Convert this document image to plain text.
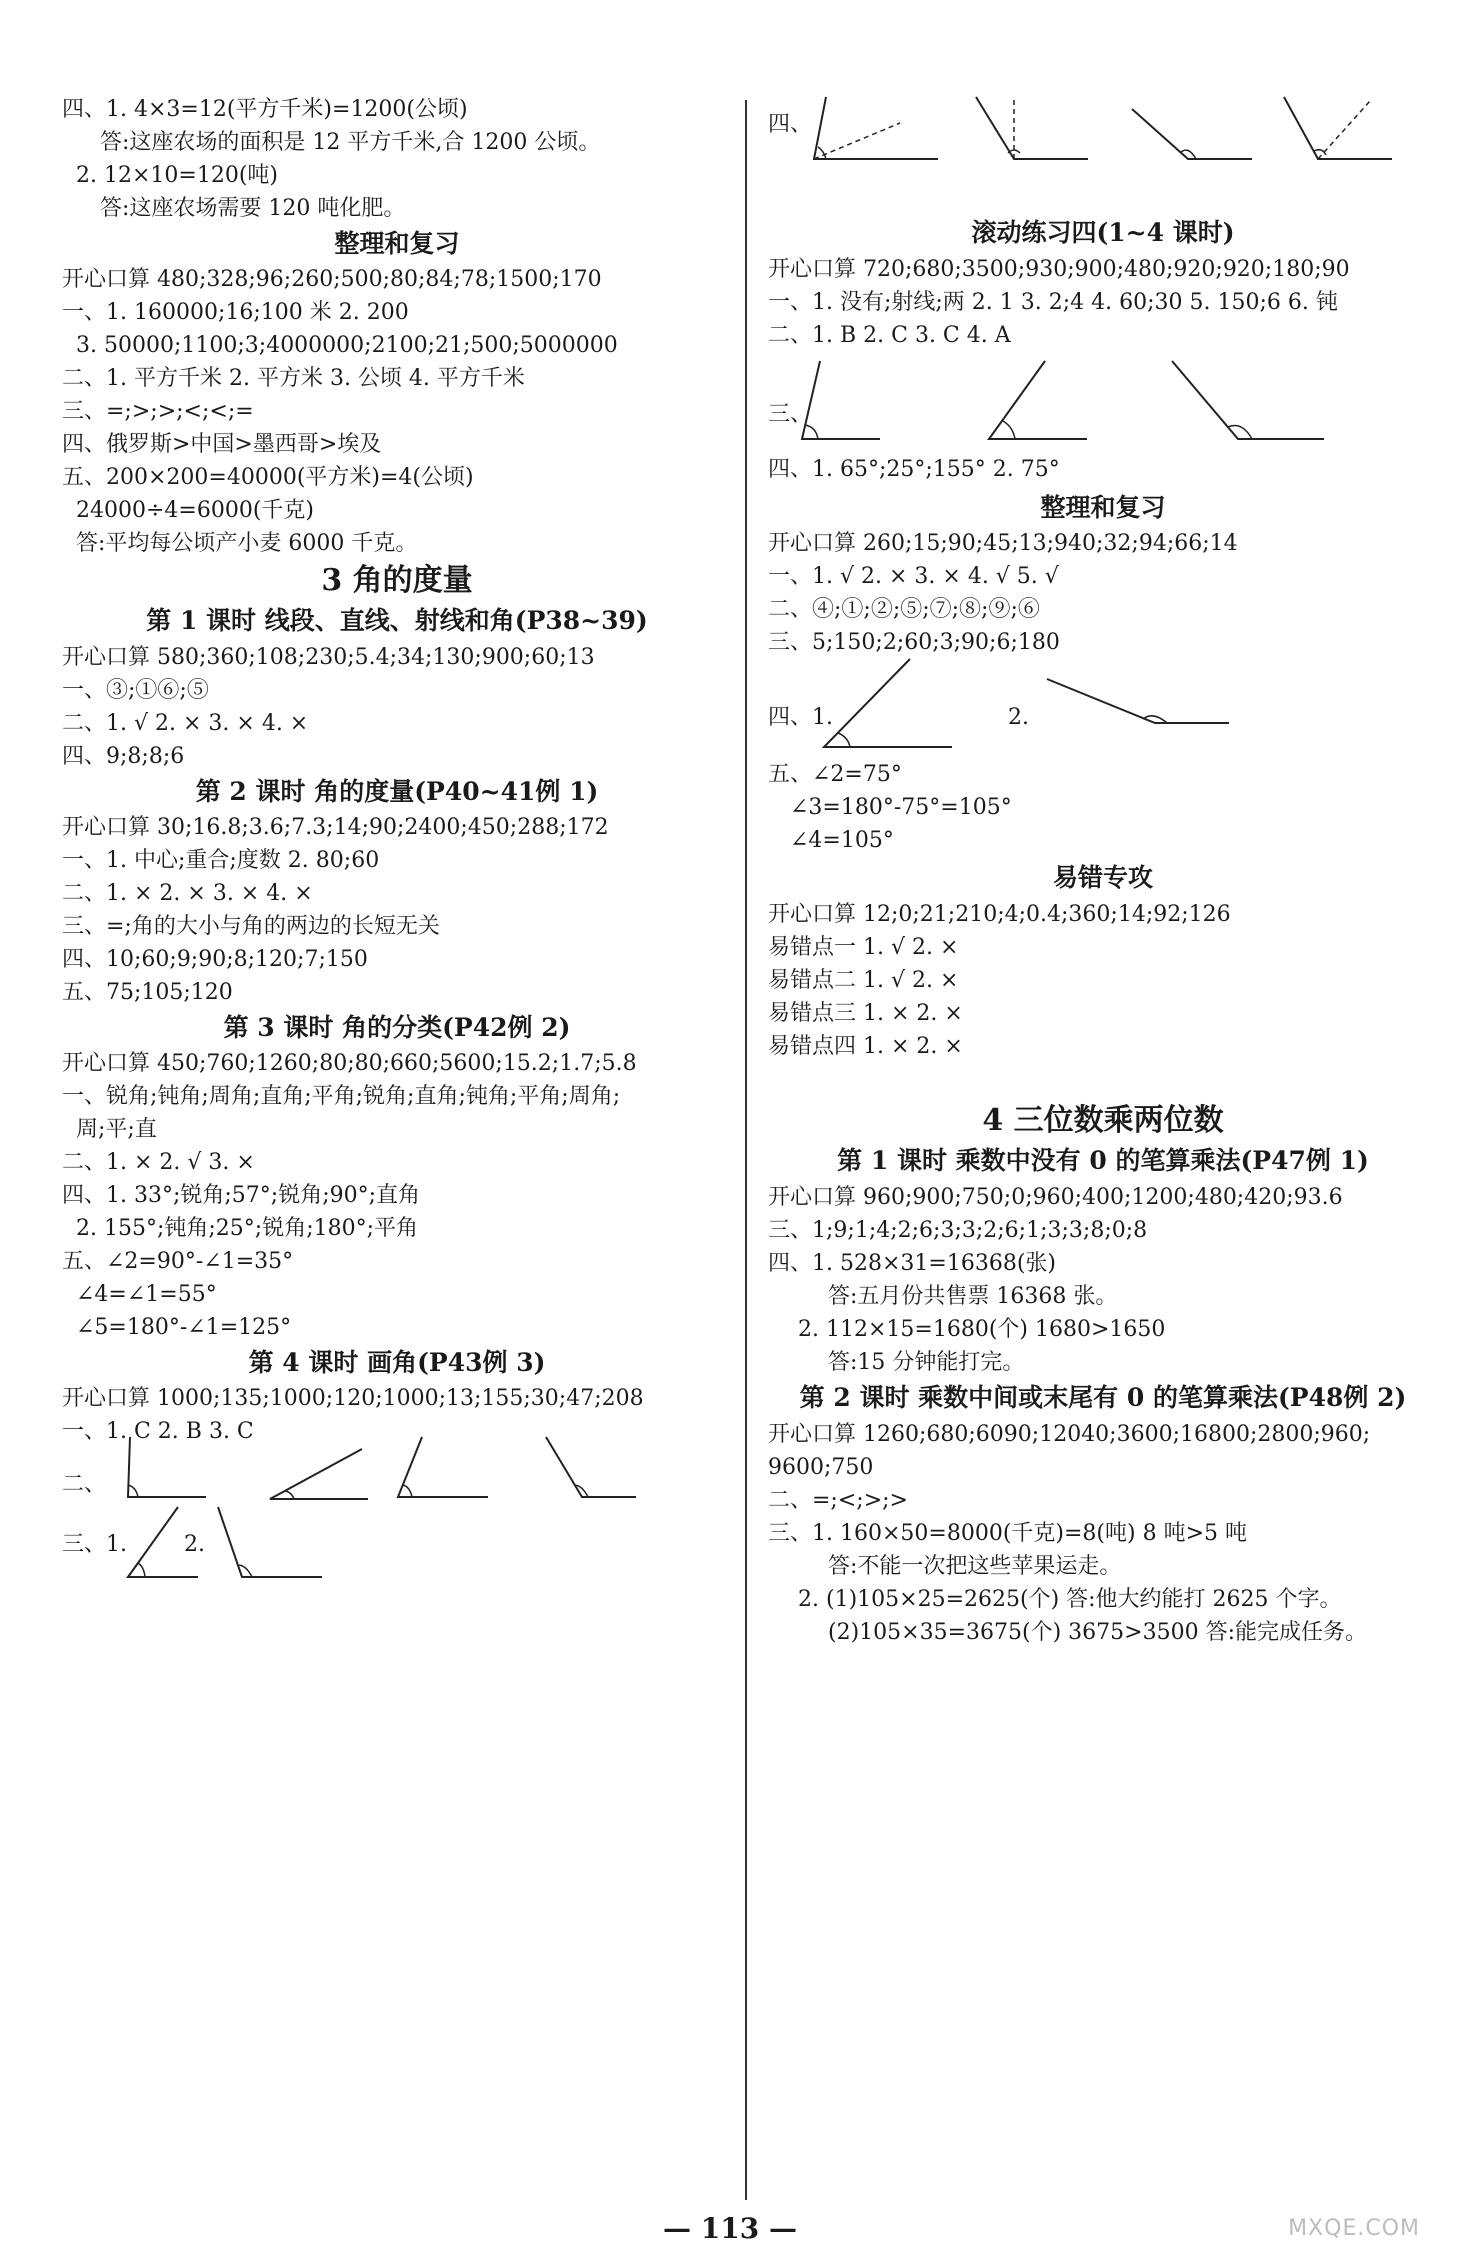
四、1. 4×3=12(平方千米)=1200(公顷)
答:这座农场的面积是 12 平方千米,合 1200 公顷。
2. 12×10=120(吨)
答:这座农场需要 120 吨化肥。
整理和复习
开心口算 480;328;96;260;500;80;84;78;1500;170
一、1. 160000;16;100 米 2. 200
3. 50000;1100;3;4000000;2100;21;500;5000000
二、1. 平方千米 2. 平方米 3. 公顷 4. 平方千米
三、=;>;>;<;<;=
四、俄罗斯>中国>墨西哥>埃及
五、200×200=40000(平方米)=4(公顷)
24000÷4=6000(千克)
答:平均每公顷产小麦 6000 千克。
3 角的度量
第 1 课时 线段、直线、射线和角(P38~39)
开心口算 580;360;108;230;5.4;34;130;900;60;13
一、③;①⑥;⑤
二、1. √ 2. × 3. × 4. ×
四、9;8;8;6
第 2 课时 角的度量(P40~41例 1)
开心口算 30;16.8;3.6;7.3;14;90;2400;450;288;172
一、1. 中心;重合;度数 2. 80;60
二、1. × 2. × 3. × 4. ×
三、=;角的大小与角的两边的长短无关
四、10;60;9;90;8;120;7;150
五、75;105;120
第 3 课时 角的分类(P42例 2)
开心口算 450;760;1260;80;80;660;5600;15.2;1.7;5.8
一、锐角;钝角;周角;直角;平角;锐角;直角;钝角;平角;周角;
周;平;直
二、1. × 2. √ 3. ×
四、1. 33°;锐角;57°;锐角;90°;直角
2. 155°;钝角;25°;锐角;180°;平角
五、∠2=90°-∠1=35°
∠4=∠1=55°
∠5=180°-∠1=125°
第 4 课时 画角(P43例 3)
开心口算 1000;135;1000;120;1000;13;155;30;47;208
一、1. C 2. B 3. C
二、
三、1.	2.
四、
滚动练习四(1~4 课时)
开心口算 720;680;3500;930;900;480;920;920;180;90
一、1. 没有;射线;两 2. 1 3. 2;4 4. 60;30 5. 150;6 6. 钝
二、1. B 2. C 3. C 4. A
三、
四、1. 65°;25°;155° 2. 75°
整理和复习
开心口算 260;15;90;45;13;940;32;94;66;14
一、1. √ 2. × 3. × 4. √ 5. √
二、④;①;②;⑤;⑦;⑧;⑨;⑥
三、5;150;2;60;3;90;6;180
四、1.	2.
五、∠2=75°
∠3=180°-75°=105°
∠4=105°
易错专攻
开心口算 12;0;21;210;4;0.4;360;14;92;126
易错点一 1. √ 2. ×
易错点二 1. √ 2. ×
易错点三 1. × 2. ×
易错点四 1. × 2. ×
4 三位数乘两位数
第 1 课时 乘数中没有 0 的笔算乘法(P47例 1)
开心口算 960;900;750;0;960;400;1200;480;420;93.6
三、1;9;1;4;2;6;3;3;2;6;1;3;3;8;0;8
四、1. 528×31=16368(张)
答:五月份共售票 16368 张。
2. 112×15=1680(个) 1680>1650
答:15 分钟能打完。
第 2 课时 乘数中间或末尾有 0 的笔算乘法(P48例 2)
开心口算 1260;680;6090;12040;3600;16800;2800;960;
9600;750
二、=;<;>;>
三、1. 160×50=8000(千克)=8(吨) 8 吨>5 吨
答:不能一次把这些苹果运走。
2. (1)105×25=2625(个) 答:他大约能打 2625 个字。
(2)105×35=3675(个) 3675>3500 答:能完成任务。
— 113 —	MXQE.COM
